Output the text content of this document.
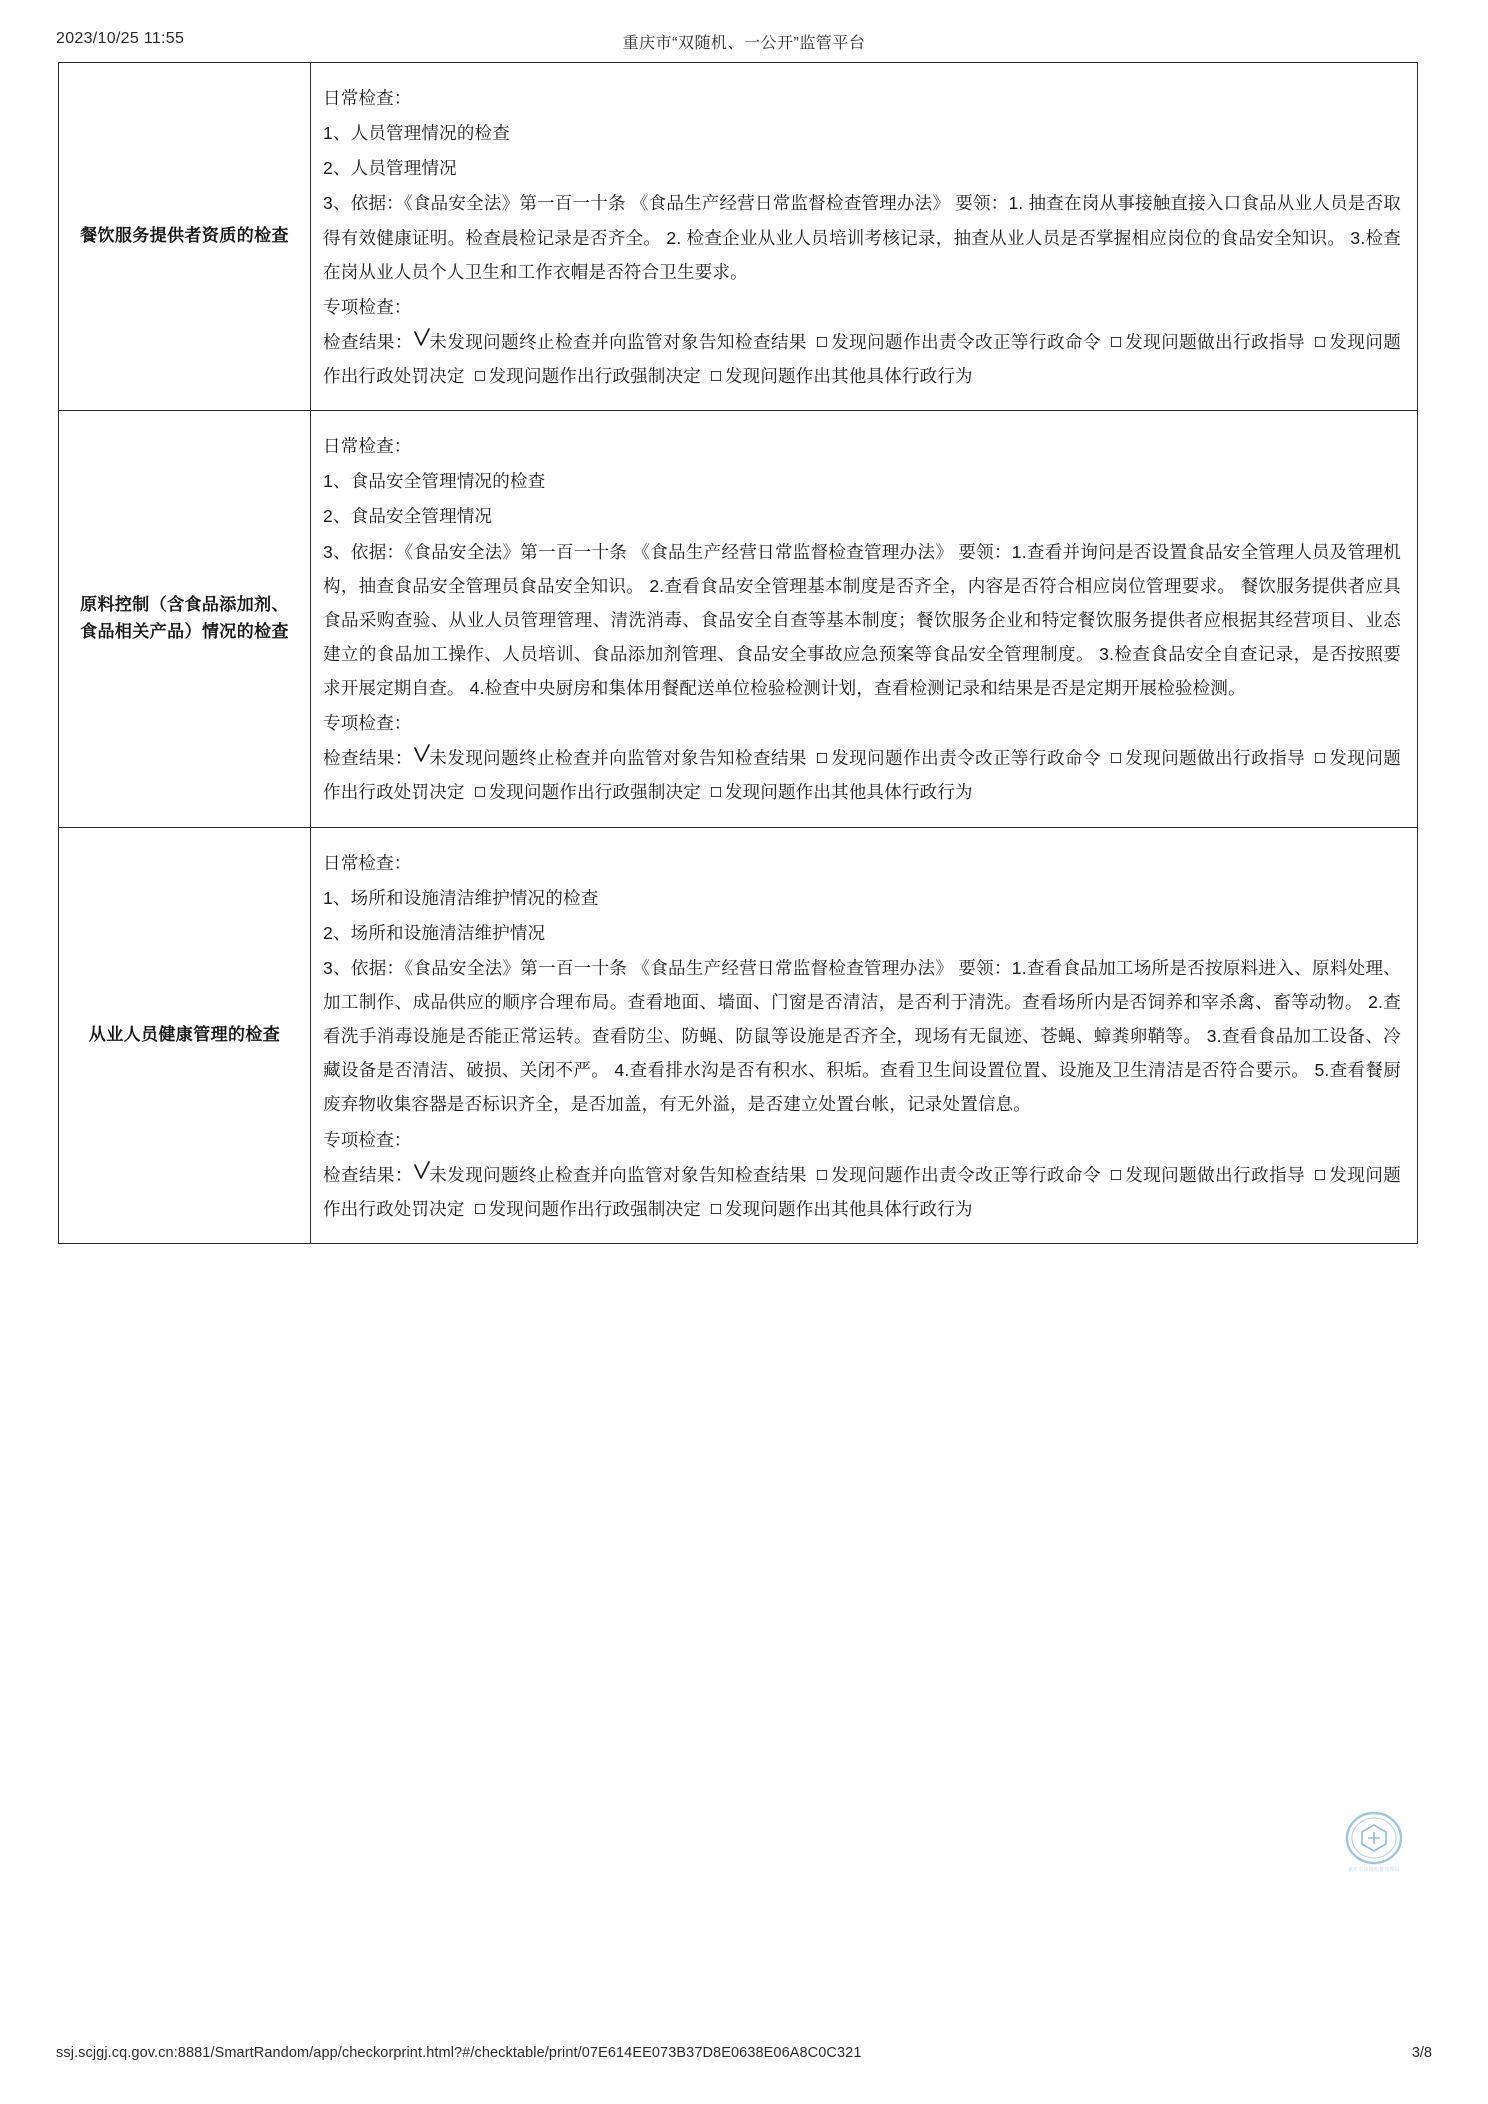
2023/10/25 11:55	重庆市“双随机、一公开”监管平台
餐饮服务提供者资质的检查

日常检查：

1、人员管理情况的检查

2、人员管理情况

3、依据：《食品安全法》第一百一十条 《食品生产经营日常监督检查管理办法》 要领：1. 抽查在岗从事接触直接入口食品从业人员是否取得有效健康证明。检查晨检记录是否齐全。 2. 检查企业从业人员培训考核记录，抽查从业人员是否掌握相应岗位的食品安全知识。 3.检查在岗从业人员个人卫生和工作衣帽是否符合卫生要求。

专项检查：

检查结果： 未发现问题终止检查并向监管对象告知检查结果  发现问题作出责令改正等行政命令  发现问题做出行政指导  发现问题作出行政处罚决定  发现问题作出行政强制决定  发现问题作出其他具体行政行为

原料控制（含食品添加剂、食品相关产品）情况的检查

日常检查：

1、食品安全管理情况的检查

2、食品安全管理情况

3、依据：《食品安全法》第一百一十条 《食品生产经营日常监督检查管理办法》 要领：1.查看并询问是否设置食品安全管理人员及管理机构，抽查食品安全管理员食品安全知识。 2.查看食品安全管理基本制度是否齐全，内容是否符合相应岗位管理要求。 餐饮服务提供者应具食品采购查验、从业人员管理管理、清洗消毒、食品安全自查等基本制度；餐饮服务企业和特定餐饮服务提供者应根据其经营项目、业态建立的食品加工操作、人员培训、食品添加剂管理、食品安全事故应急预案等食品安全管理制度。 3.检查食品安全自查记录，是否按照要求开展定期自查。 4.检查中央厨房和集体用餐配送单位检验检测计划，查看检测记录和结果是否是定期开展检验检测。

专项检查：

检查结果： 未发现问题终止检查并向监管对象告知检查结果  发现问题作出责令改正等行政命令  发现问题做出行政指导  发现问题作出行政处罚决定  发现问题作出行政强制决定  发现问题作出其他具体行政行为

从业人员健康管理的检查

日常检查：

1、场所和设施清洁维护情况的检查

2、场所和设施清洁维护情况

3、依据：《食品安全法》第一百一十条 《食品生产经营日常监督检查管理办法》 要领：1.查看食品加工场所是否按原料进入、原料处理、加工制作、成品供应的顺序合理布局。查看地面、墙面、门窗是否清洁，是否利于清洗。查看场所内是否饲养和宰杀禽、畜等动物。 2.查看洗手消毒设施是否能正常运转。查看防尘、防蝇、防鼠等设施是否齐全，现场有无鼠迹、苍蝇、蟑粪卵鞘等。 3.查看食品加工设备、冷藏设备是否清洁、破损、关闭不严。 4.查看排水沟是否有积水、积垢。查看卫生间设置位置、设施及卫生清洁是否符合要示。 5.查看餐厨废弃物收集容器是否标识齐全，是否加盖，有无外溢，是否建立处置台帐，记录处置信息。

专项检查：

检查结果： 未发现问题终止检查并向监管对象告知检查结果  发现问题作出责令改正等行政命令  发现问题做出行政指导  发现问题作出行政处罚决定  发现问题作出行政强制决定  发现问题作出其他具体行政行为

重庆市市场监督管理局
ssj.scjgj.cq.gov.cn:8881/SmartRandom/app/checkorprint.html?#/checktable/print/07E614EE073B37D8E0638E06A8C0C321	3/8
